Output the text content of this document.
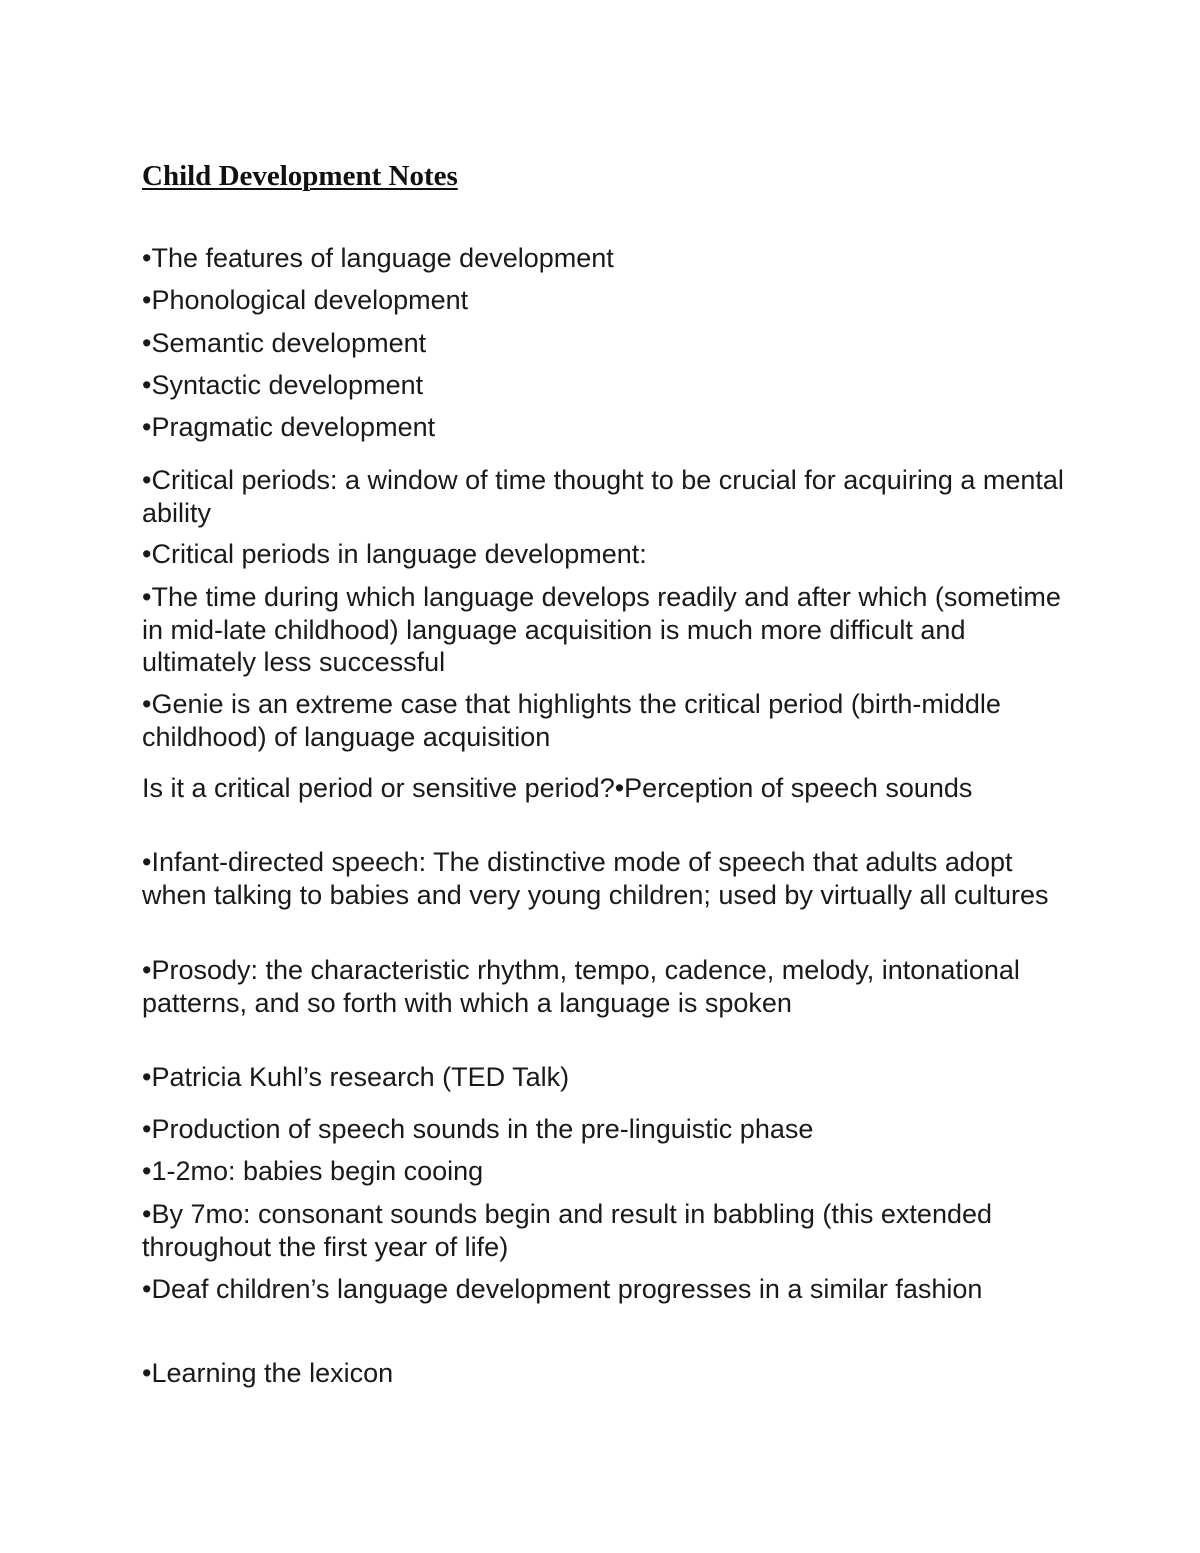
Child Development Notes

•The features of language development

•Phonological development

•Semantic development

•Syntactic development

•Pragmatic development

•Critical periods: a window of time thought to be crucial for acquiring a mental ability

•Critical periods in language development:

•The time during which language develops readily and after which (sometime in mid-late childhood) language acquisition is much more difficult and ultimately less successful

•Genie is an extreme case that highlights the critical period (birth-middle childhood) of language acquisition

Is it a critical period or sensitive period?•Perception of speech sounds

•Infant-directed speech: The distinctive mode of speech that adults adopt when talking to babies and very young children; used by virtually all cultures

•Prosody: the characteristic rhythm, tempo, cadence, melody, intonational patterns, and so forth with which a language is spoken

•Patricia Kuhl’s research (TED Talk)

•Production of speech sounds in the pre-linguistic phase

•1-2mo: babies begin cooing

•By 7mo: consonant sounds begin and result in babbling (this extended throughout the first year of life)

•Deaf children’s language development progresses in a similar fashion

•Learning the lexicon
